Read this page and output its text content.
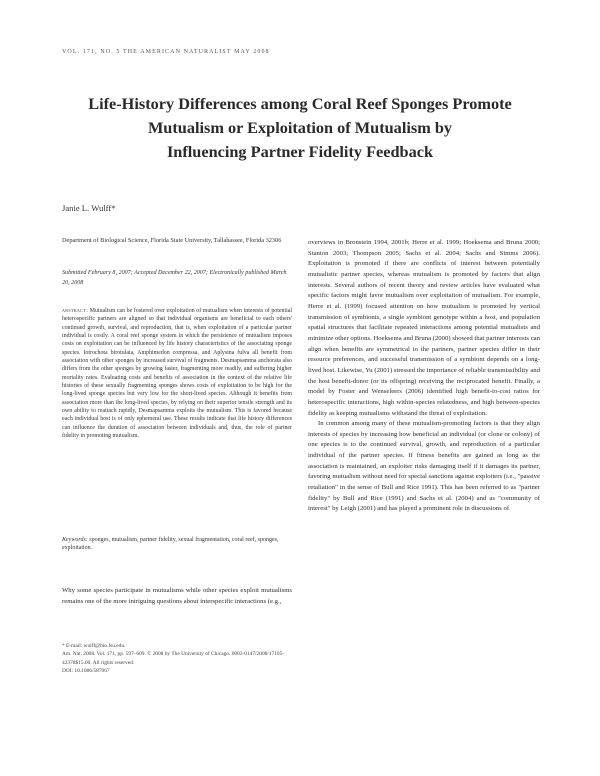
VOL. 171, NO. 5 THE AMERICAN NATURALIST MAY 2008
Life-History Differences among Coral Reef Sponges Promote
Mutualism or Exploitation of Mutualism by
Influencing Partner Fidelity Feedback
Janie L. Wulff*
Department of Biological Science, Florida State University, Tallahassee, Florida 32306
Submitted February 8, 2007; Accepted December 22, 2007; Electronically published March 20, 2008
abstract: Mutualism can be fostered over exploitation of mutualism when interests of potential heterospecific partners are aligned so that individual organisms are beneficial to each others' continued growth, survival, and reproduction, that is, when exploitation of a particular partner individual is costly. A coral reef sponge system in which the persistence of mutualism imposes costs on exploitation can be influenced by life history characteristics of the associating sponge species. Iotrochota birotulata, Amphimedon compressa, and Aplysina fulva all benefit from association with other sponges by increased survival of fragments. Desmapsamma anchorata also differs from the other sponges by growing faster, fragmenting more readily, and suffering higher mortality rates. Evaluating costs and benefits of association in the context of the relative life histories of these sexually fragmenting sponges shows costs of exploitation to be high for the long-lived sponge species but very low for the short-lived species. Although it benefits from association more than the long-lived species, by relying on their superior tensile strength and its own ability to reattach rapidly, Desmapsamma exploits the mutualism. This is favored because each individual host is of only ephemeral use. These results indicate that life history differences can influence the duration of association between individuals and, thus, the role of partner fidelity in promoting mutualism.
Keywords: sponges, mutualism, partner fidelity, sexual fragmentation, coral reef, sponges, exploitation.

Why some species participate in mutualisms while other species exploit mutualisms remains one of the more intriguing questions about interspecific interactions (e.g.,

* E-mail: wulff@bio.fsu.edu.

Am. Nat. 2008. Vol. 171, pp. 597–609. © 2008 by The University of Chicago. 0003-0147/2008/17105-42378$15.00. All rights reserved.

DOI: 10.1086/587067

overviews in Bronstein 1994, 2001b; Herre et al. 1999; Hoeksema and Bruna 2000; Stanton 2003; Thompson 2005; Sachs et al. 2004; Sachs and Simms 2006). Exploitation is promoted if there are conflicts of interest between potentially mutualistic partner species, whereas mutualism is promoted by factors that align interests. Several authors of recent theory and review articles have evaluated what specific factors might favor mutualism over exploitation of mutualism. For example, Herre et al. (1999) focused attention on how mutualism is promoted by vertical transmission of symbionts, a single symbiont genotype within a host, and population spatial structures that facilitate repeated interactions among potential mutualists and minimize other options. Hoeksema and Bruna (2000) showed that partner interests can align when benefits are symmetrical to the partners, partner species differ in their resource preferences, and successful transmission of a symbiont depends on a long-lived host. Likewise, Yu (2001) stressed the importance of reliable transmissibility and the host benefit-donor (or its offspring) receiving the reciprocated benefit. Finally, a model by Foster and Wenseleers (2006) identified high benefit-to-cost ratios for heterospecific interactions, high within-species relatedness, and high between-species fidelity as keeping mutualisms withstand the threat of exploitation.

In common among many of these mutualism-promoting factors is that they align interests of species by increasing how beneficial an individual (or clone or colony) of one species is to the continued survival, growth, and reproduction of a particular individual of the partner species. If fitness benefits are gained as long as the association is maintained, an exploiter risks damaging itself if it damages its partner, favoring mutualism without need for special sanctions against exploiters (i.e., "passive retaliation" in the sense of Bull and Rice 1991). This has been referred to as "partner fidelity" by Bull and Rice (1991) and Sachs et al. (2004) and as "community of interest" by Leigh (2001) and has played a prominent role in discussions of
